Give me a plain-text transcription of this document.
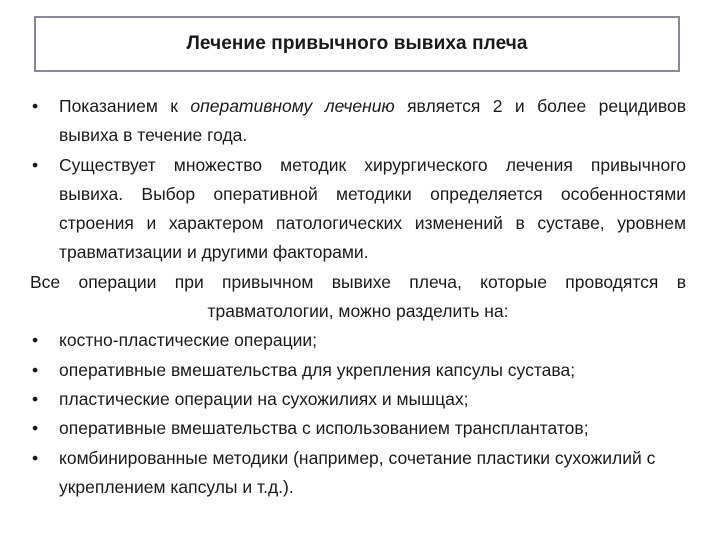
Лечение привычного вывиха плеча
• Показанием к оперативному лечению является 2 и более рецидивов вывиха в течение года.
• Существует множество методик хирургического лечения привычного вывиха. Выбор оперативной методики определяется особенностями строения и характером патологических изменений в суставе, уровнем травматизации и другими факторами.
Все операции при привычном вывихе плеча, которые проводятся в
травматологии, можно разделить на:
• костно-пластические операции;
• оперативные вмешательства для укрепления капсулы сустава;
• пластические операции на сухожилиях и мышцах;
• оперативные вмешательства с использованием трансплантатов;
• комбинированные методики (например, сочетание пластики сухожилий с укреплением капсулы и т.д.).
